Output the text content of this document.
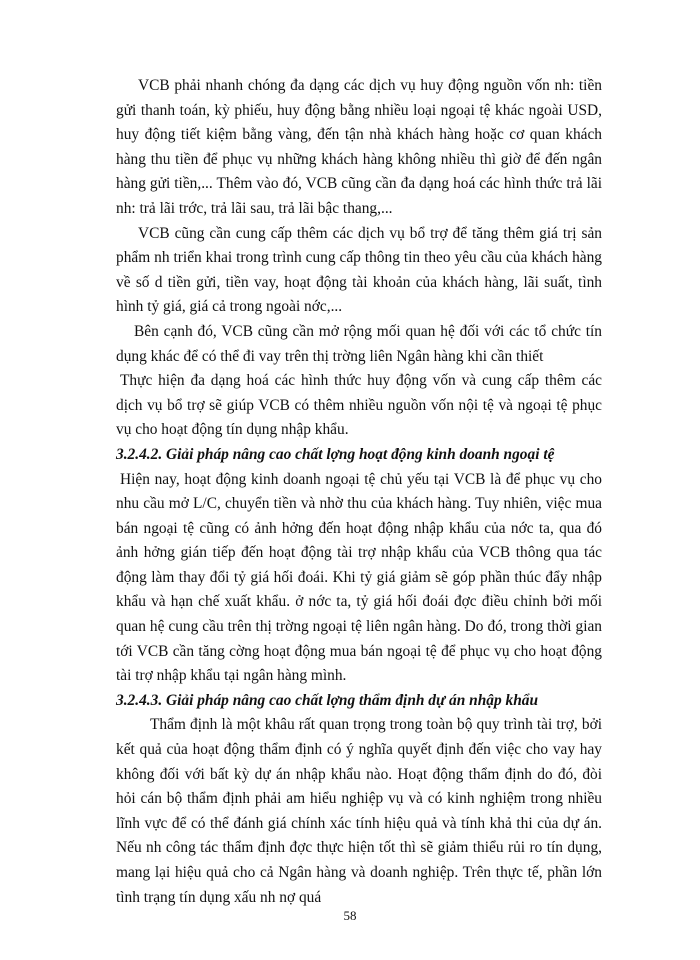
VCB phải nhanh chóng đa dạng các dịch vụ huy động nguồn vốn nh: tiền gửi thanh toán, kỳ phiếu, huy động bằng nhiều loại ngoại tệ khác ngoài USD, huy động tiết kiệm bằng vàng, đến tận nhà khách hàng hoặc cơ quan khách hàng thu tiền để phục vụ những khách hàng không nhiều thì giờ để đến ngân hàng gửi tiền,... Thêm vào đó, VCB cũng cần đa dạng hoá các hình thức trả lãi nh: trả lãi trớc, trả lãi sau, trả lãi bậc thang,...

VCB cũng cần cung cấp thêm các dịch vụ bổ trợ để tăng thêm giá trị sản phẩm nh triển khai trong trình cung cấp thông tin theo yêu cầu của khách hàng về số d tiền gửi, tiền vay, hoạt động tài khoản của khách hàng, lãi suất, tình hình tỷ giá, giá cả trong ngoài nớc,...

Bên cạnh đó, VCB cũng cần mở rộng mối quan hệ đối với các tổ chức tín dụng khác để có thể đi vay trên thị trờng liên Ngân hàng khi cần thiết

Thực hiện đa dạng hoá các hình thức huy động vốn và cung cấp thêm các dịch vụ bổ trợ sẽ giúp VCB có thêm nhiều nguồn vốn nội tệ và ngoại tệ phục vụ cho hoạt động tín dụng nhập khẩu.

3.2.4.2. Giải pháp nâng cao chất lợng hoạt động kinh doanh ngoại tệ

Hiện nay, hoạt động kinh doanh ngoại tệ chủ yếu tại VCB là để phục vụ cho nhu cầu mở L/C, chuyển tiền và nhờ thu của khách hàng. Tuy nhiên, việc mua bán ngoại tệ cũng có ảnh hởng đến hoạt động nhập khẩu của nớc ta, qua đó ảnh hởng gián tiếp đến hoạt động tài trợ nhập khẩu của VCB thông qua tác động làm thay đổi tỷ giá hối đoái. Khi tỷ giá giảm sẽ góp phần thúc đẩy nhập khẩu và hạn chế xuất khẩu. ở nớc ta, tỷ giá hối đoái đợc điều chỉnh bởi mối quan hệ cung cầu trên thị trờng ngoại tệ liên ngân hàng. Do đó, trong thời gian tới VCB cần tăng cờng hoạt động mua bán ngoại tệ để phục vụ cho hoạt động tài trợ nhập khẩu tại ngân hàng mình.

3.2.4.3. Giải pháp nâng cao chất lợng thẩm định dự án nhập khẩu

Thẩm định là một khâu rất quan trọng trong toàn bộ quy trình tài trợ, bởi kết quả của hoạt động thẩm định có ý nghĩa quyết định đến việc cho vay hay không đối với bất kỳ dự án nhập khẩu nào. Hoạt động thẩm định do đó, đòi hỏi cán bộ thẩm định phải am hiểu nghiệp vụ và có kinh nghiệm trong nhiều lĩnh vực để có thể đánh giá chính xác tính hiệu quả và tính khả thi của dự án. Nếu nh công tác thẩm định đợc thực hiện tốt thì sẽ giảm thiểu rủi ro tín dụng, mang lại hiệu quả cho cả Ngân hàng và doanh nghiệp. Trên thực tế, phần lớn tình trạng tín dụng xấu nh nợ quá

58
